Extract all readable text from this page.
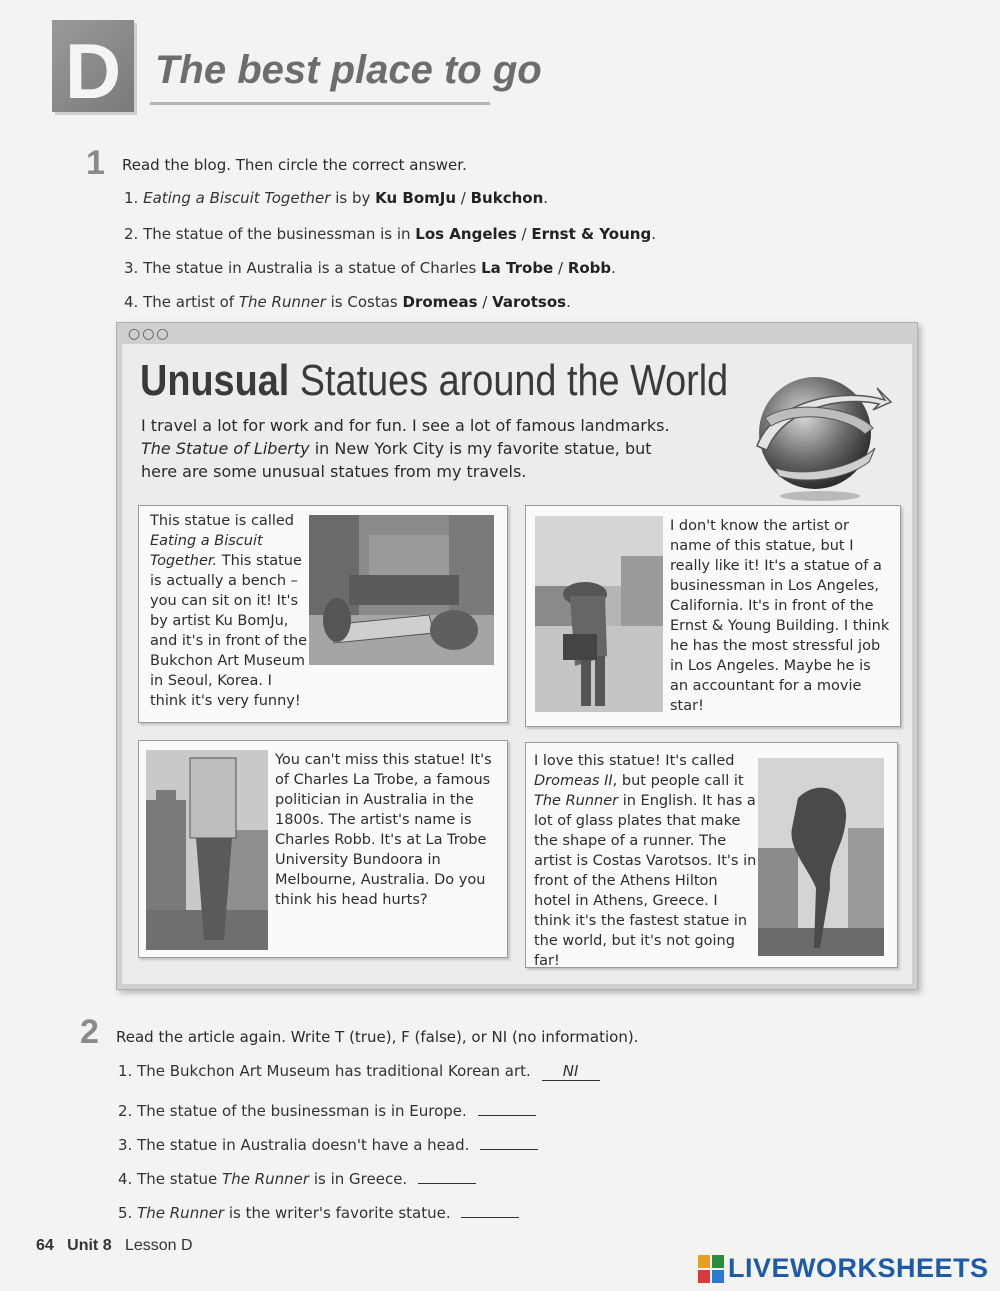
D The best place to go
1 Read the blog. Then circle the correct answer.
1. Eating a Biscuit Together is by Ku BomJu / Bukchon.
2. The statue of the businessman is in Los Angeles / Ernst & Young.
3. The statue in Australia is a statue of Charles La Trobe / Robb.
4. The artist of The Runner is Costas Dromeas / Varotsos.
○○○
Unusual Statues around the World
I travel a lot for work and for fun. I see a lot of famous landmarks.
The Statue of Liberty in New York City is my favorite statue, but
here are some unusual statues from my travels.
This statue is called Eating a Biscuit Together. This statue is actually a bench – you can sit on it! It's by artist Ku BomJu, and it's in front of the Bukchon Art Museum in Seoul, Korea. I think it's very funny!
I don't know the artist or name of this statue, but I really like it! It's a statue of a businessman in Los Angeles, California. It's in front of the Ernst & Young Building. I think he has the most stressful job in Los Angeles. Maybe he is an accountant for a movie star!
You can't miss this statue! It's of Charles La Trobe, a famous politician in Australia in the 1800s. The artist's name is Charles Robb. It's at La Trobe University Bundoora in Melbourne, Australia. Do you think his head hurts?
I love this statue! It's called Dromeas II, but people call it The Runner in English. It has a lot of glass plates that make the shape of a runner. The artist is Costas Varotsos. It's in front of the Athens Hilton hotel in Athens, Greece. I think it's the fastest statue in the world, but it's not going far!
2 Read the article again. Write T (true), F (false), or NI (no information).
1. The Bukchon Art Museum has traditional Korean art. NI
2. The statue of the businessman is in Europe.
3. The statue in Australia doesn't have a head.
4. The statue The Runner is in Greece.
5. The Runner is the writer's favorite statue.
64 Unit 8 Lesson D
LIVEWORKSHEETS
